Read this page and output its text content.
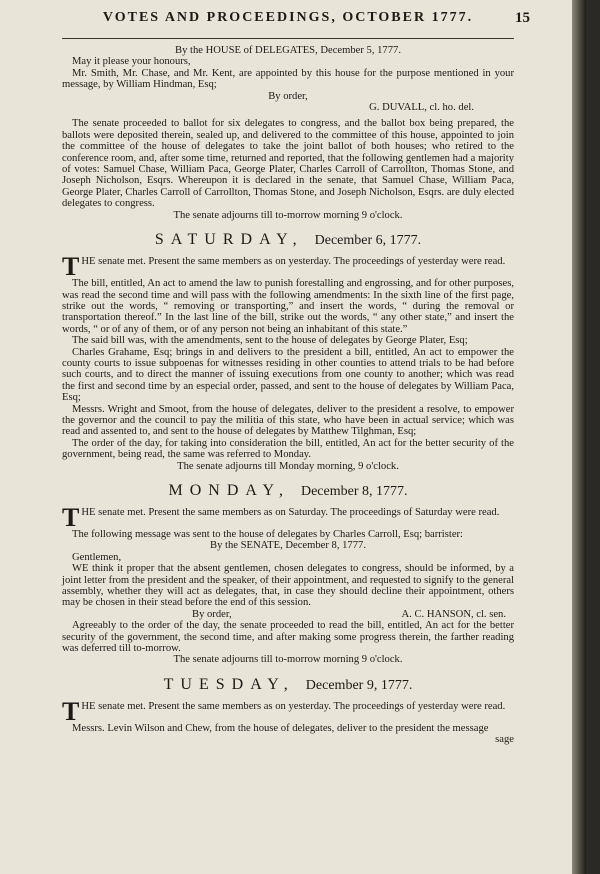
VOTES AND PROCEEDINGS, OCTOBER 1777.	15

By the HOUSE of DELEGATES, December 5, 1777.

May it please your honours,

Mr. Smith, Mr. Chase, and Mr. Kent, are appointed by this house for the purpose mentioned in your message, by William Hindman, Esq;

By order,

G. DUVALL, cl. ho. del.

The senate proceeded to ballot for six delegates to congress, and the ballot box being prepared, the ballots were deposited therein, sealed up, and delivered to the committee of this house, appointed to join the committee of the house of delegates to take the joint ballot of both houses; who retired to the conference room, and, after some time, returned and reported, that the following gentlemen had a majority of votes: Samuel Chase, William Paca, George Plater, Charles Carroll of Carrollton, Thomas Stone, and Joseph Nicholson, Esqrs. Whereupon it is declared in the senate, that Samuel Chase, William Paca, George Plater, Charles Carroll of Carrollton, Thomas Stone, and Joseph Nicholson, Esqrs. are duly elected delegates to congress.

The senate adjourns till to-morrow morning 9 o'clock.

SATURDAY, December 6, 1777.

THE senate met. Present the same members as on yesterday. The proceedings of yesterday were read.

The bill, entitled, An act to amend the law to punish forestalling and engrossing, and for other purposes, was read the second time and will pass with the following amendments: In the sixth line of the first page, strike out the words, “ removing or transporting,” and insert the words, “ during the removal or transportation thereof.” In the last line of the bill, strike out the words, “ any other state,” and insert the words, “ or of any of them, or of any person not being an inhabitant of this state.”

The said bill was, with the amendments, sent to the house of delegates by George Plater, Esq;

Charles Grahame, Esq; brings in and delivers to the president a bill, entitled, An act to empower the county courts to issue subpoenas for witnesses residing in other counties to attend trials to be had before such courts, and to direct the manner of issuing executions from one county to another; which was read the first and second time by an especial order, passed, and sent to the house of delegates by William Paca, Esq;

Messrs. Wright and Smoot, from the house of delegates, deliver to the president a resolve, to empower the governor and the council to pay the militia of this state, who have been in actual service; which was read and assented to, and sent to the house of delegates by Matthew Tilghman, Esq;

The order of the day, for taking into consideration the bill, entitled, An act for the better security of the government, being read, the same was referred to Monday.

The senate adjourns till Monday morning, 9 o'clock.

MONDAY, December 8, 1777.

THE senate met. Present the same members as on Saturday. The proceedings of Saturday were read.

The following message was sent to the house of delegates by Charles Carroll, Esq; barrister:

By the SENATE, December 8, 1777.

Gentlemen,

WE think it proper that the absent gentlemen, chosen delegates to congress, should be informed, by a joint letter from the president and the speaker, of their appointment, and requested to signify to the general assembly, whether they will act as delegates, that, in case they should decline their appointment, others may be chosen in their stead before the end of this session.

By order,	A. C. HANSON, cl. sen.

Agreeably to the order of the day, the senate proceeded to read the bill, entitled, An act for the better security of the government, the second time, and after making some progress therein, the farther reading was deferred till to-morrow.

The senate adjourns till to-morrow morning 9 o'clock.

TUESDAY, December 9, 1777.

THE senate met. Present the same members as on yesterday. The proceedings of yesterday were read.

Messrs. Levin Wilson and Chew, from the house of delegates, deliver to the president the message

sage
